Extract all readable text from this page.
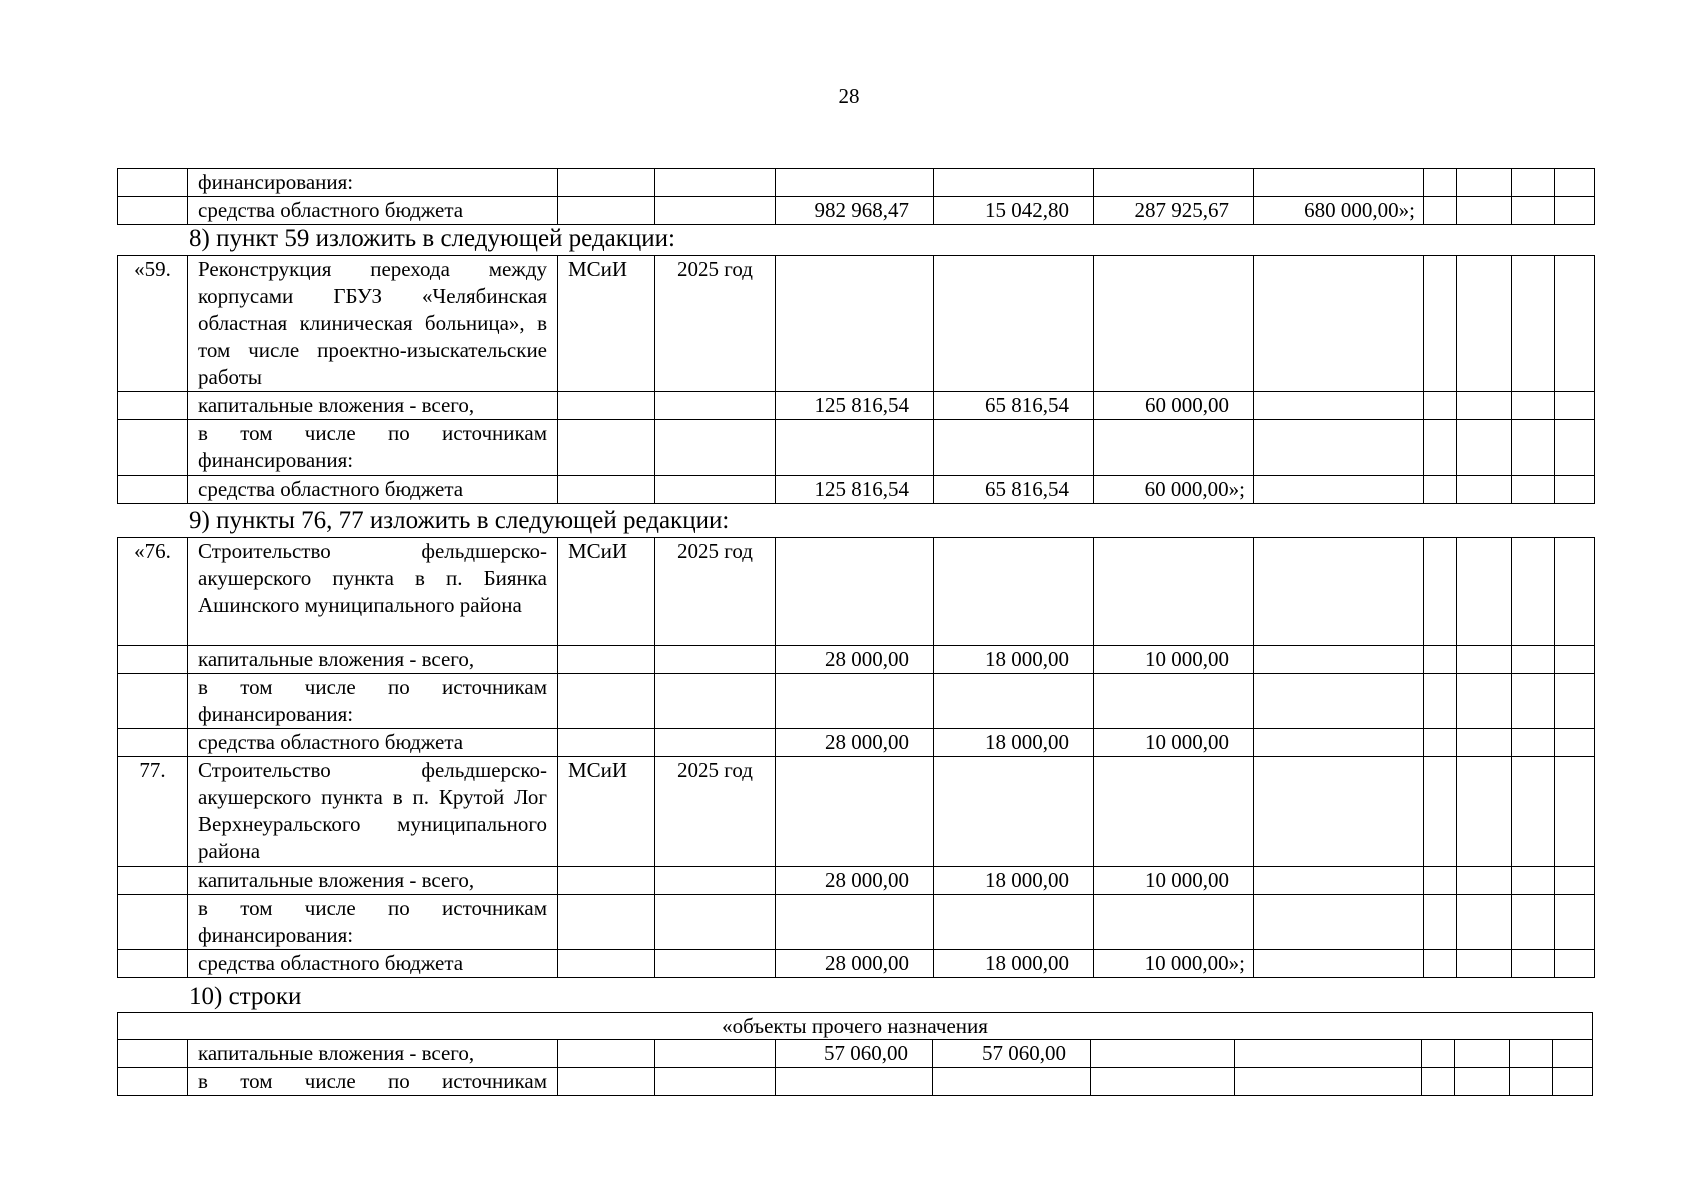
28
	финансирования:										
	средства областного бюджета			982 968,47	15 042,80	287 925,67	680 000,00»;				
8) пункт 59 изложить в следующей редакции:
«59.	Реконструкция перехода между корпусами ГБУЗ «Челябинская областная клиническая больница», в том числе проектно-изыскательские работы	МСиИ	2025 год								
	капитальные вложения - всего,			125 816,54	65 816,54	60 000,00					
	в том числе по источникам финансирования:										
	средства областного бюджета			125 816,54	65 816,54	60 000,00»;					
9) пункты 76, 77 изложить в следующей редакции:
«76.	Строительство фельдшерско-акушерского пункта в п. Биянка Ашинского муниципального района	МСиИ	2025 год								
	капитальные вложения - всего,			28 000,00	18 000,00	10 000,00					
	в том числе по источникам финансирования:										
	средства областного бюджета			28 000,00	18 000,00	10 000,00					
77.	Строительство фельдшерско-акушерского пункта в п. Крутой Лог Верхнеуральского муниципального района	МСиИ	2025 год								
	капитальные вложения - всего,			28 000,00	18 000,00	10 000,00					
	в том числе по источникам финансирования:										
	средства областного бюджета			28 000,00	18 000,00	10 000,00»;					
10) строки
«объекты прочего назначения											
	капитальные вложения - всего,			57 060,00	57 060,00						
	в том числе по источникам										
